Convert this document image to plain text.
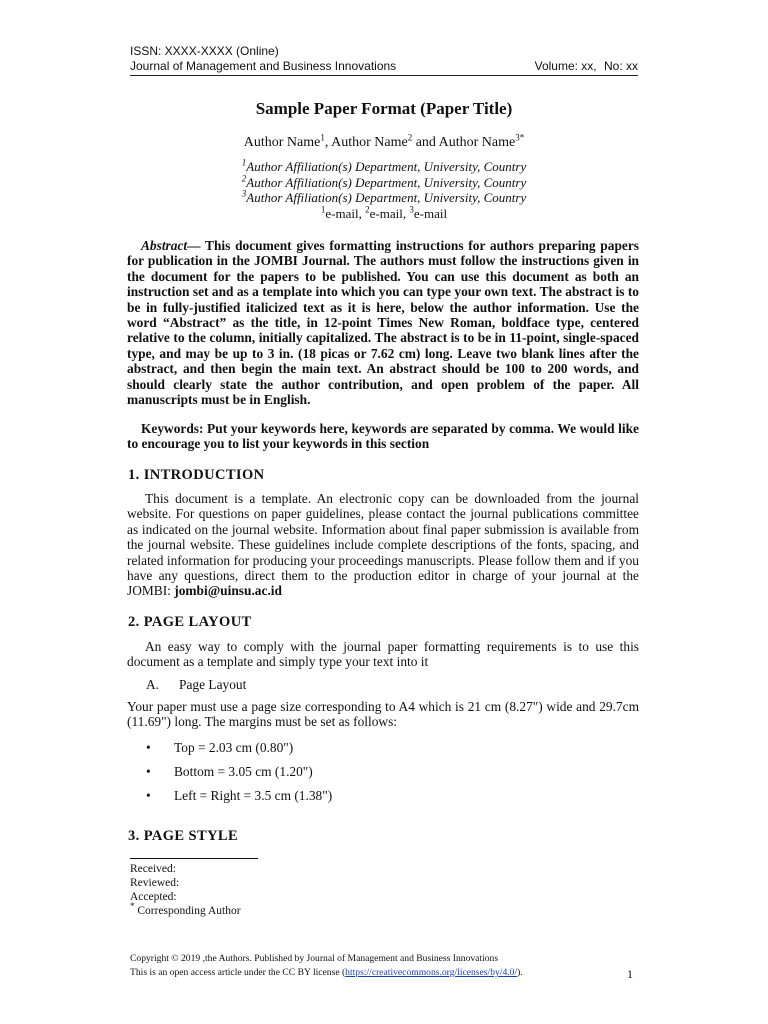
ISSN: XXXX-XXXX (Online)
Journal of Management and Business Innovations	Volume: xx, No: xx
Sample Paper Format (Paper Title)
Author Name$^1$, Author Name$^2$ and Author Name$^{3*}$
$^1$Author Affiliation(s) Department, University, Country
$^2$Author Affiliation(s) Department, University, Country
$^3$Author Affiliation(s) Department, University, Country
$^1$e-mail, $^2$e-mail, $^3$e-mail
Abstract— This document gives formatting instructions for authors preparing papers for publication in the JOMBI Journal. The authors must follow the instructions given in the document for the papers to be published. You can use this document as both an instruction set and as a template into which you can type your own text. The abstract is to be in fully-justified italicized text as it is here, below the author information. Use the word “Abstract” as the title, in 12-point Times New Roman, boldface type, centered relative to the column, initially capitalized. The abstract is to be in 11-point, single-spaced type, and may be up to 3 in. (18 picas or 7.62 cm) long. Leave two blank lines after the abstract, and then begin the main text. An abstract should be 100 to 200 words, and should clearly state the author contribution, and open problem of the paper. All manuscripts must be in English.
Keywords: Put your keywords here, keywords are separated by comma. We would like to encourage you to list your keywords in this section
1. INTRODUCTION
This document is a template. An electronic copy can be downloaded from the journal website. For questions on paper guidelines, please contact the journal publications committee as indicated on the journal website. Information about final paper submission is available from the journal website. These guidelines include complete descriptions of the fonts, spacing, and related information for producing your proceedings manuscripts. Please follow them and if you have any questions, direct them to the production editor in charge of your journal at the JOMBI: jombi@uinsu.ac.id
2. PAGE LAYOUT
An easy way to comply with the journal paper formatting requirements is to use this document as a template and simply type your text into it
A. Page Layout
Your paper must use a page size corresponding to A4 which is 21 cm (8.27") wide and 29.7cm (11.69") long. The margins must be set as follows:
• Top = 2.03 cm (0.80")
• Bottom = 3.05 cm (1.20")
• Left = Right = 3.5 cm (1.38")
3. PAGE STYLE
Received:
Reviewed:
Accepted:
* Corresponding Author
Copyright © 2019 ,the Authors. Published by Journal of Management and Business Innovations
This is an open access article under the CC BY license (https://creativecommons.org/licenses/by/4.0/).	1
